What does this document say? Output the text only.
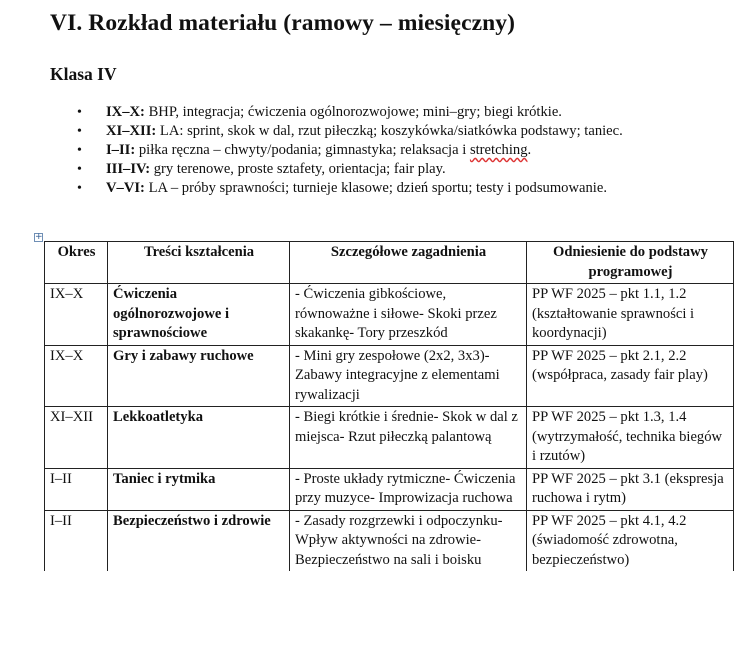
VI. Rozkład materiału (ramowy – miesięczny)
Klasa IV
• IX–X: BHP, integracja; ćwiczenia ogólnorozwojowe; mini–gry; biegi krótkie.
• XI–XII: LA: sprint, skok w dal, rzut piłeczką; koszykówka/siatkówka podstawy; taniec.
• I–II: piłka ręczna – chwyty/podania; gimnastyka; relaksacja i stretching.
• III–IV: gry terenowe, proste sztafety, orientacja; fair play.
• V–VI: LA – próby sprawności; turnieje klasowe; dzień sportu; testy i podsumowanie.
+
Okres	Treści kształcenia	Szczegółowe zagadnienia	Odniesienie do podstawy programowej
IX–X	Ćwiczenia ogólnorozwojowe i sprawnościowe	- Ćwiczenia gibkościowe, równoważne i siłowe- Skoki przez skakankę- Tory przeszkód	PP WF 2025 – pkt 1.1, 1.2 (kształtowanie sprawności i koordynacji)
IX–X	Gry i zabawy ruchowe	- Mini gry zespołowe (2x2, 3x3)- Zabawy integracyjne z elementami rywalizacji	PP WF 2025 – pkt 2.1, 2.2 (współpraca, zasady fair play)
XI–XII	Lekkoatletyka	- Biegi krótkie i średnie- Skok w dal z miejsca- Rzut piłeczką palantową	PP WF 2025 – pkt 1.3, 1.4 (wytrzymałość, technika biegów i rzutów)
I–II	Taniec i rytmika	- Proste układy rytmiczne- Ćwiczenia przy muzyce- Improwizacja ruchowa	PP WF 2025 – pkt 3.1 (ekspresja ruchowa i rytm)
I–II	Bezpieczeństwo i zdrowie	- Zasady rozgrzewki i odpoczynku- Wpływ aktywności na zdrowie- Bezpieczeństwo na sali i boisku	PP WF 2025 – pkt 4.1, 4.2 (świadomość zdrowotna, bezpieczeństwo)
